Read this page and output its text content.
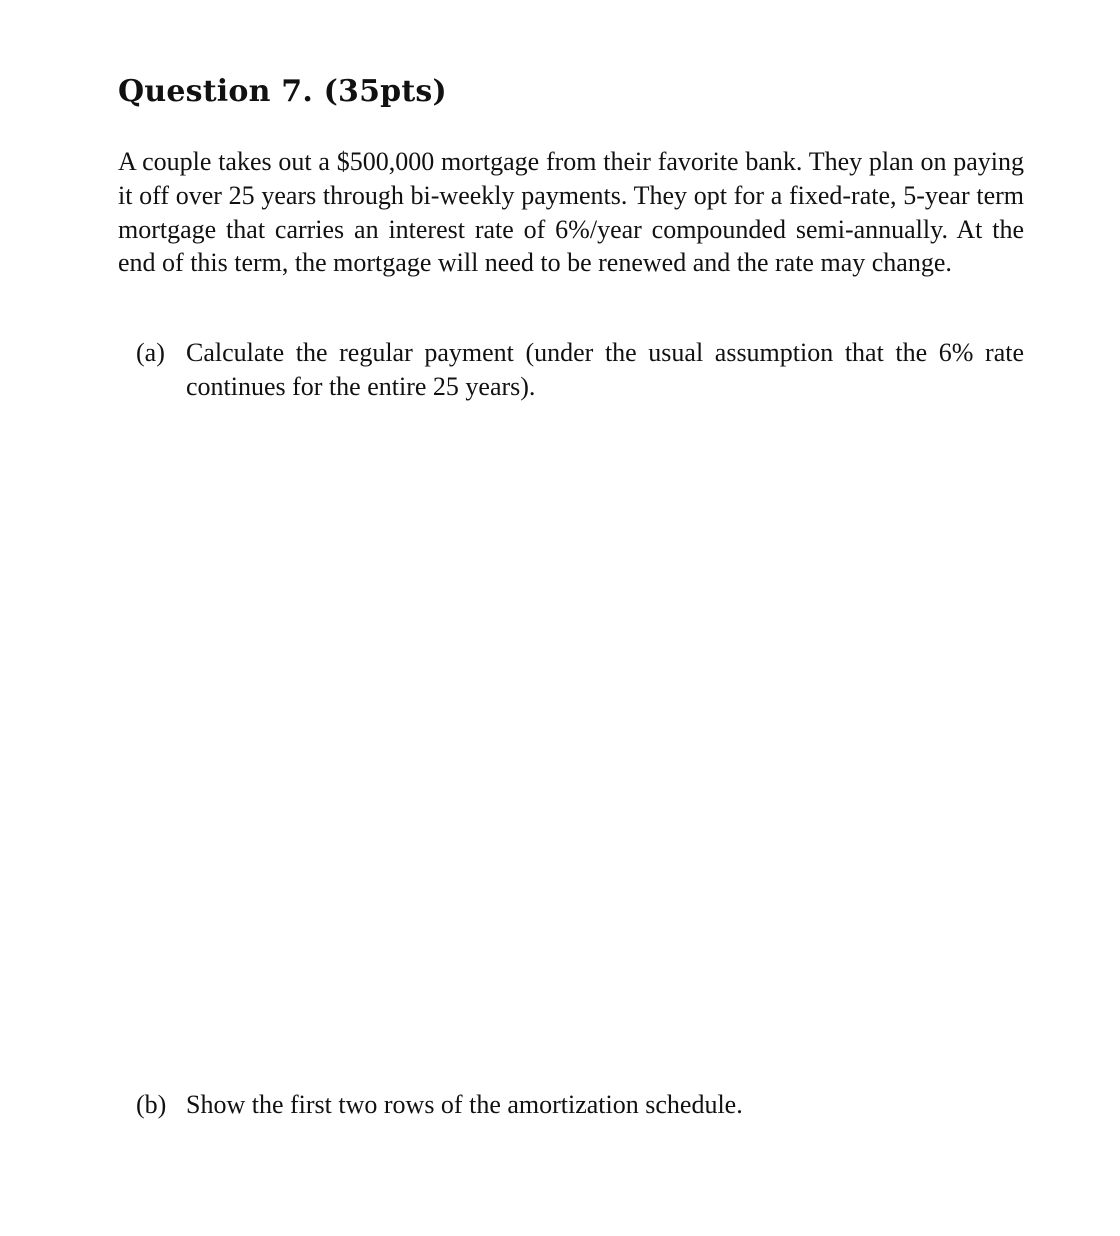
Question 7. (35pts)

A couple takes out a $500,000 mortgage from their favorite bank. They plan on paying it off over 25 years through bi-weekly payments. They opt for a fixed-rate, 5-year term mortgage that carries an interest rate of 6%/year compounded semi-annually. At the end of this term, the mortgage will need to be renewed and the rate may change.

(a) Calculate the regular payment (under the usual assumption that the 6% rate continues for the entire 25 years).
(b) Show the first two rows of the amortization schedule.
